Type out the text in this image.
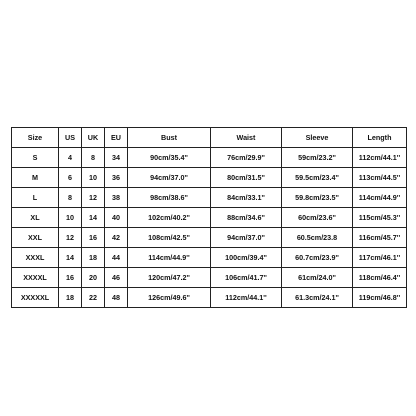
Size	US	UK	EU	Bust	Waist	Sleeve	Length
S	4	8	34	90cm/35.4''	76cm/29.9''	59cm/23.2''	112cm/44.1''
M	6	10	36	94cm/37.0''	80cm/31.5''	59.5cm/23.4''	113cm/44.5''
L	8	12	38	98cm/38.6''	84cm/33.1''	59.8cm/23.5''	114cm/44.9''
XL	10	14	40	102cm/40.2''	88cm/34.6''	60cm/23.6''	115cm/45.3''
XXL	12	16	42	108cm/42.5''	94cm/37.0''	60.5cm/23.8	116cm/45.7''
XXXL	14	18	44	114cm/44.9''	100cm/39.4''	60.7cm/23.9''	117cm/46.1''
XXXXL	16	20	46	120cm/47.2''	106cm/41.7''	61cm/24.0''	118cm/46.4''
XXXXXL	18	22	48	126cm/49.6''	112cm/44.1''	61.3cm/24.1''	119cm/46.8''
